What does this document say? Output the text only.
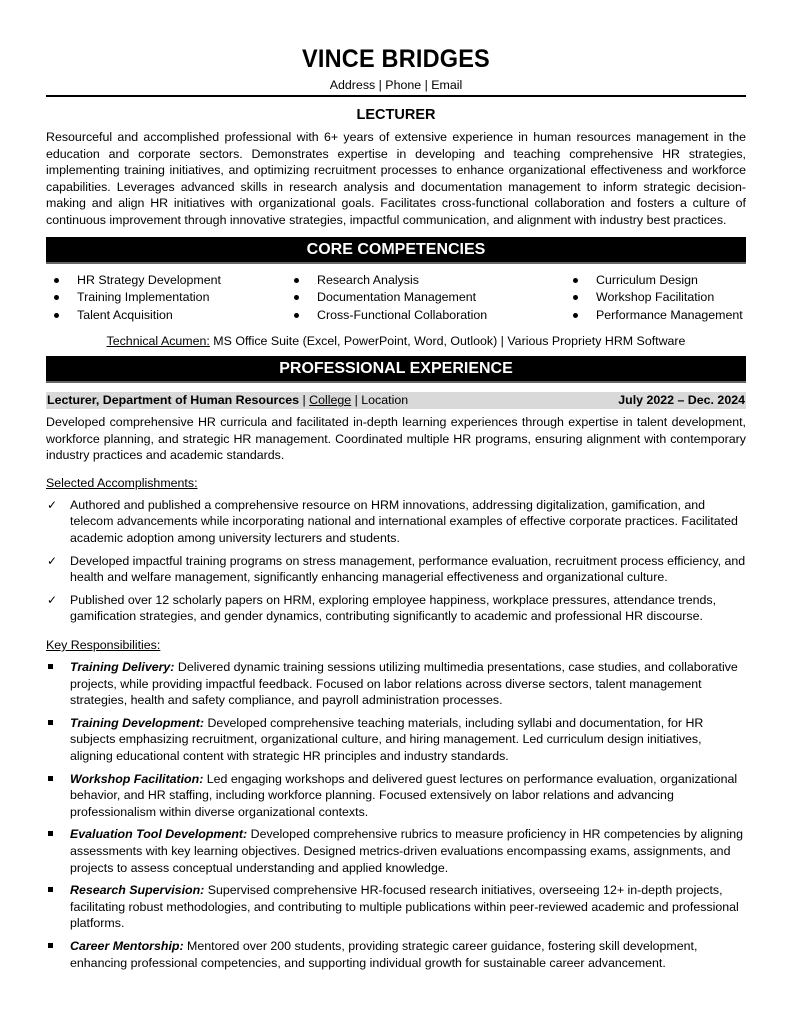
VINCE BRIDGES
Address | Phone | Email
LECTURER

Resourceful and accomplished professional with 6+ years of extensive experience in human resources management in the education and corporate sectors. Demonstrates expertise in developing and teaching comprehensive HR strategies, implementing training initiatives, and optimizing recruitment processes to enhance organizational effectiveness and workforce capabilities. Leverages advanced skills in research analysis and documentation management to inform strategic decision-making and align HR initiatives with organizational goals. Facilitates cross-functional collaboration and fosters a culture of continuous improvement through innovative strategies, impactful communication, and alignment with industry best practices.

CORE COMPETENCIES
HR Strategy Development
Training Implementation
Talent Acquisition
Research Analysis
Documentation Management
Cross-Functional Collaboration
Curriculum Design
Workshop Facilitation
Performance Management
Technical Acumen: MS Office Suite (Excel, PowerPoint, Word, Outlook) | Various Propriety HRM Software
PROFESSIONAL EXPERIENCE
Lecturer, Department of Human Resources | College | Location	July 2022 – Dec. 2024

Developed comprehensive HR curricula and facilitated in-depth learning experiences through expertise in talent development, workforce planning, and strategic HR management. Coordinated multiple HR programs, ensuring alignment with contemporary industry practices and academic standards.

Selected Accomplishments:
✓ Authored and published a comprehensive resource on HRM innovations, addressing digitalization, gamification, and telecom advancements while incorporating national and international examples of effective corporate practices. Facilitated academic adoption among university lecturers and students.
✓ Developed impactful training programs on stress management, performance evaluation, recruitment process efficiency, and health and welfare management, significantly enhancing managerial effectiveness and organizational culture.
✓ Published over 12 scholarly papers on HRM, exploring employee happiness, workplace pressures, attendance trends, gamification strategies, and gender dynamics, contributing significantly to academic and professional HR discourse.
Key Responsibilities:
Training Delivery: Delivered dynamic training sessions utilizing multimedia presentations, case studies, and collaborative projects, while providing impactful feedback. Focused on labor relations across diverse sectors, talent management strategies, health and safety compliance, and payroll administration processes.
Training Development: Developed comprehensive teaching materials, including syllabi and documentation, for HR subjects emphasizing recruitment, organizational culture, and hiring management. Led curriculum design initiatives, aligning educational content with strategic HR principles and industry standards.
Workshop Facilitation: Led engaging workshops and delivered guest lectures on performance evaluation, organizational behavior, and HR staffing, including workforce planning. Focused extensively on labor relations and advancing professionalism within diverse organizational contexts.
Evaluation Tool Development: Developed comprehensive rubrics to measure proficiency in HR competencies by aligning assessments with key learning objectives. Designed metrics-driven evaluations encompassing exams, assignments, and projects to assess conceptual understanding and applied knowledge.
Research Supervision: Supervised comprehensive HR-focused research initiatives, overseeing 12+ in-depth projects, facilitating robust methodologies, and contributing to multiple publications within peer-reviewed academic and professional platforms.
Career Mentorship: Mentored over 200 students, providing strategic career guidance, fostering skill development, enhancing professional competencies, and supporting individual growth for sustainable career advancement.
